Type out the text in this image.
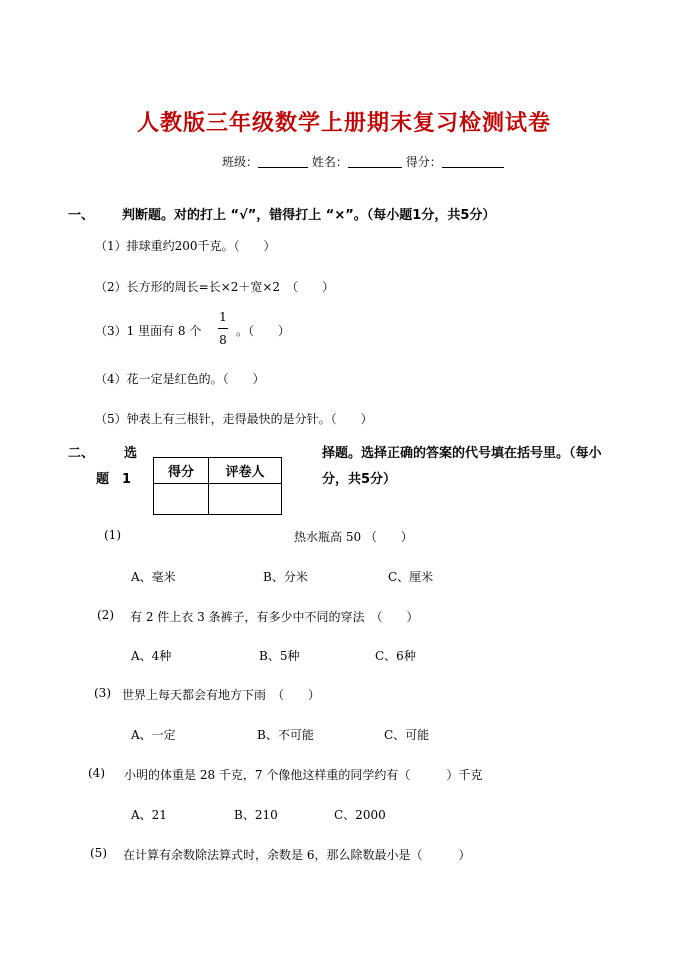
人教版三年级数学上册期末复习检测试卷
班级：	姓名：	得分：
一、 判断题。对的打上 “√”，错得打上 “×”。（每小题1分，共5分）
（1）排球重约200千克。（　　）
（2）长方形的周长=长×2＋宽×2　（　　）
（3）1 里面有 8 个
1
8
。（　　）
（4）花一定是红色的。（　　）
（5）钟表上有三根针，走得最快的是分针。（　　）
二、 选
题　1
择题。选择正确的答案的代号填在括号里。（每小
分，共5分）
得分	评卷人

(1)	热水瓶高 50 （　　）
A、毫米	B、分米	C、厘米
(2) 有 2 件上衣 3 条裤子，有多少中不同的穿法　（　　）
A、4种	B、5种	C、6种
(3) 世界上每天都会有地方下雨　（　　）
A、一定	B、不可能	C、可能
(4) 小明的体重是 28 千克，7 个像他这样重的同学约有（　　　）千克
A、21	B、210	C、2000
(5) 在计算有余数除法算式时，余数是 6，那么除数最小是（　　　）
